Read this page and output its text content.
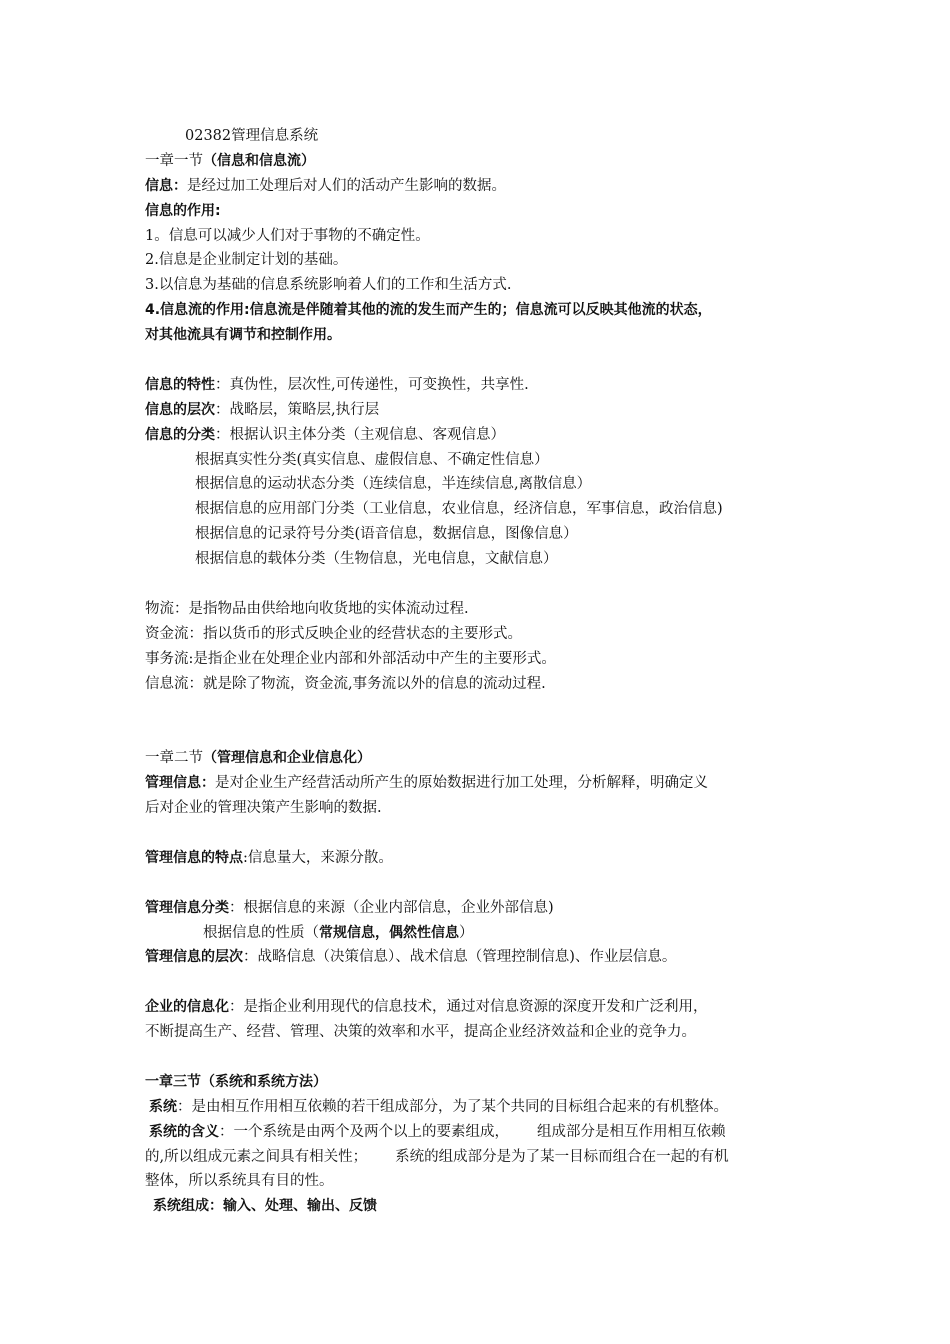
02382管理信息系统
一章一节（信息和信息流）
信息：是经过加工处理后对人们的活动产生影响的数据。
信息的作用:
1。信息可以减少人们对于事物的不确定性。
2.信息是企业制定计划的基础。
3.以信息为基础的信息系统影响着人们的工作和生活方式.
4.信息流的作用:信息流是伴随着其他的流的发生而产生的；信息流可以反映其他流的状态，
对其他流具有调节和控制作用。
信息的特性：真伪性，层次性,可传递性，可变换性，共享性.
信息的层次：战略层，策略层,执行层
信息的分类：根据认识主体分类（主观信息、客观信息）
根据真实性分类(真实信息、虚假信息、不确定性信息）
根据信息的运动状态分类（连续信息，半连续信息,离散信息）
根据信息的应用部门分类（工业信息，农业信息，经济信息，军事信息，政治信息)
根据信息的记录符号分类(语音信息，数据信息，图像信息）
根据信息的载体分类（生物信息，光电信息，文献信息）
物流：是指物品由供给地向收货地的实体流动过程.
资金流：指以货币的形式反映企业的经营状态的主要形式。
事务流:是指企业在处理企业内部和外部活动中产生的主要形式。
信息流：就是除了物流，资金流,事务流以外的信息的流动过程.
一章二节（管理信息和企业信息化）
管理信息：是对企业生产经营活动所产生的原始数据进行加工处理，分析解释，明确定义
后对企业的管理决策产生影响的数据.
管理信息的特点:信息量大，来源分散。
管理信息分类：根据信息的来源（企业内部信息，企业外部信息)
根据信息的性质（常规信息，偶然性信息）
管理信息的层次：战略信息（决策信息）、战术信息（管理控制信息)、作业层信息。
企业的信息化：是指企业利用现代的信息技术，通过对信息资源的深度开发和广泛利用，
不断提高生产、经营、管理、决策的效率和水平，提高企业经济效益和企业的竞争力。
一章三节（系统和系统方法）
系统：是由相互作用相互依赖的若干组成部分，为了某个共同的目标组合起来的有机整体。
系统的含义：一个系统是由两个及两个以上的要素组成， 组成部分是相互作用相互依赖
的,所以组成元素之间具有相关性； 系统的组成部分是为了某一目标而组合在一起的有机
整体，所以系统具有目的性。
系统组成：输入、处理、输出、反馈
